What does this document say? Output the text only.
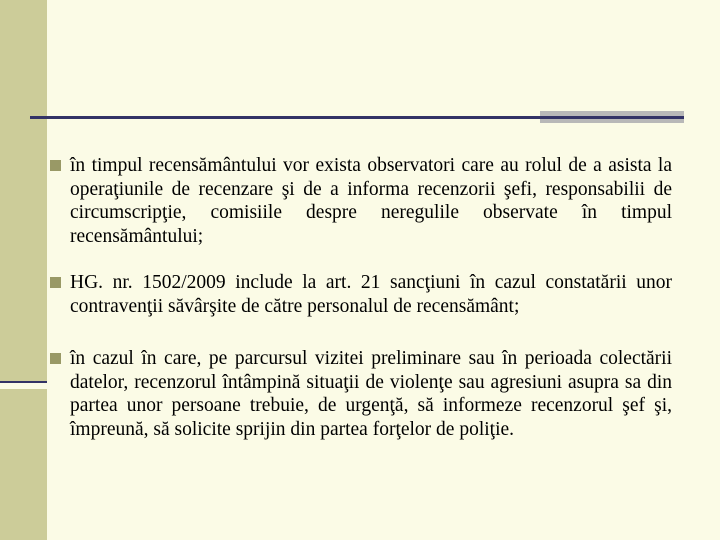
în timpul recensământului vor exista observatori care au rolul de a asista la operaţiunile de recenzare şi de a informa recenzorii şefi, responsabilii de circumscripţie, comisiile despre neregulile observate în timpul recensământului;
HG. nr. 1502/2009 include la art. 21 sancţiuni în cazul constatării unor contravenţii săvârşite de către personalul de recensământ;
în cazul în care, pe parcursul vizitei preliminare sau în perioada colectării datelor, recenzorul întâmpină situaţii de violenţe sau agresiuni asupra sa din partea unor persoane trebuie, de urgenţă, să informeze recenzorul şef şi, împreună, să solicite sprijin din partea forţelor de poliţie.
